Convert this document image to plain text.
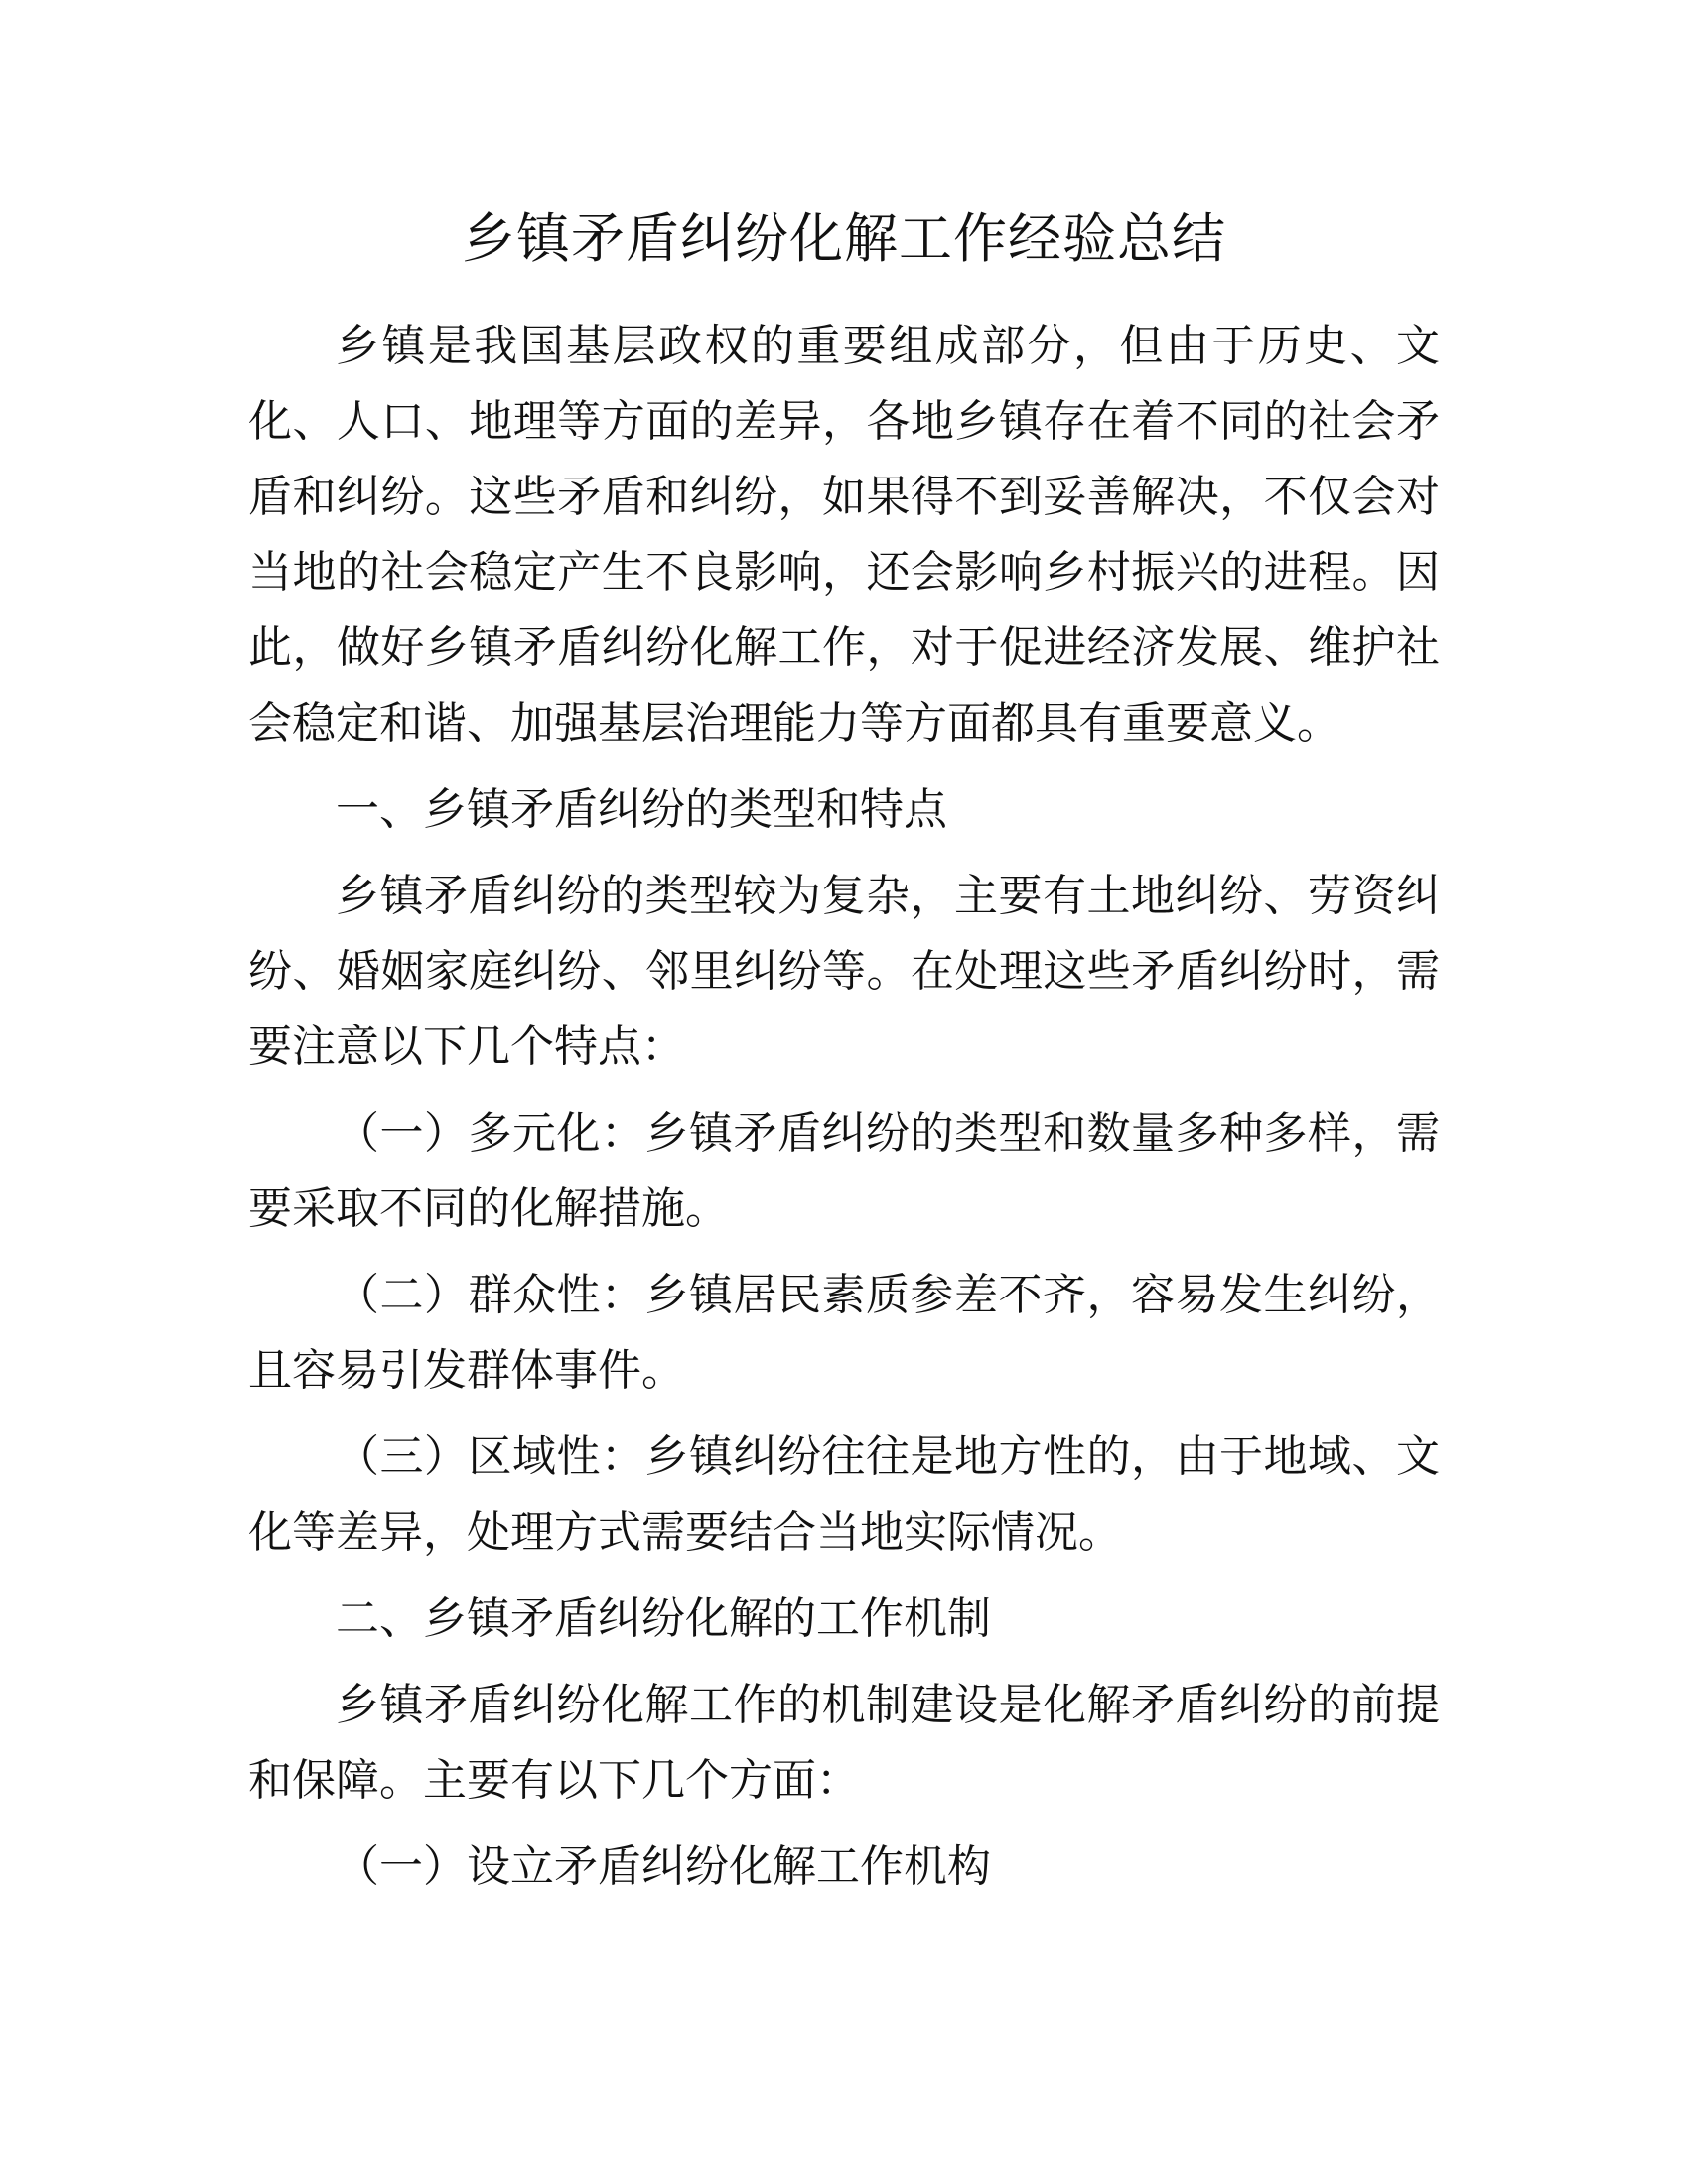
乡镇矛盾纠纷化解工作经验总结

乡镇是我国基层政权的重要组成部分，但由于历史、文化、人口、地理等方面的差异，各地乡镇存在着不同的社会矛盾和纠纷。这些矛盾和纠纷，如果得不到妥善解决，不仅会对当地的社会稳定产生不良影响，还会影响乡村振兴的进程。因此，做好乡镇矛盾纠纷化解工作，对于促进经济发展、维护社会稳定和谐、加强基层治理能力等方面都具有重要意义。

一、乡镇矛盾纠纷的类型和特点

乡镇矛盾纠纷的类型较为复杂，主要有土地纠纷、劳资纠纷、婚姻家庭纠纷、邻里纠纷等。在处理这些矛盾纠纷时，需要注意以下几个特点：

（一）多元化：乡镇矛盾纠纷的类型和数量多种多样，需要采取不同的化解措施。

（二）群众性：乡镇居民素质参差不齐，容易发生纠纷，且容易引发群体事件。

（三）区域性：乡镇纠纷往往是地方性的，由于地域、文化等差异，处理方式需要结合当地实际情况。

二、乡镇矛盾纠纷化解的工作机制

乡镇矛盾纠纷化解工作的机制建设是化解矛盾纠纷的前提和保障。主要有以下几个方面：

（一）设立矛盾纠纷化解工作机构
